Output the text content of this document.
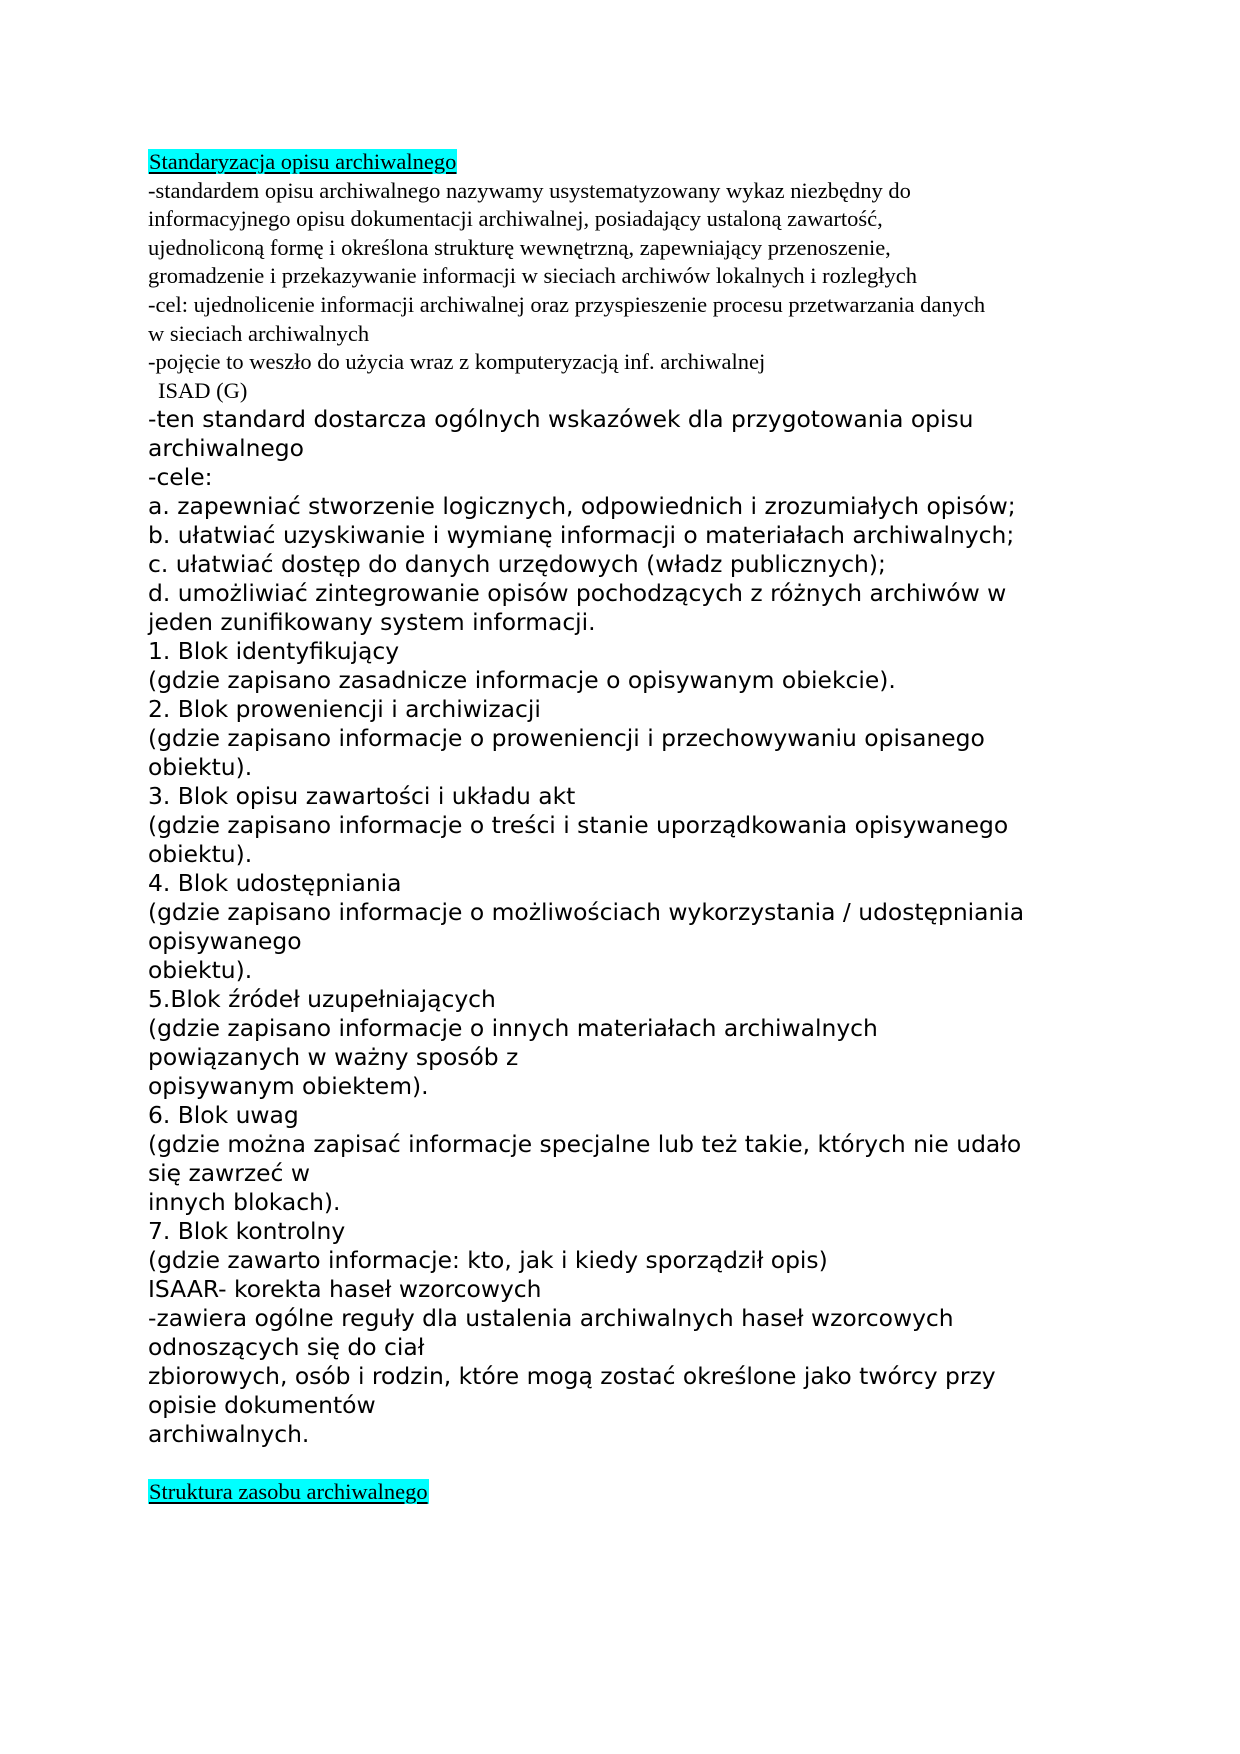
Standaryzacja opisu archiwalnego

-standardem opisu archiwalnego nazywamy usystematyzowany wykaz niezbędny do

informacyjnego opisu dokumentacji archiwalnej, posiadający ustaloną zawartość,

ujednoliconą formę i określona strukturę wewnętrzną, zapewniający przenoszenie,

gromadzenie i przekazywanie informacji w sieciach archiwów lokalnych i rozległych

-cel: ujednolicenie informacji archiwalnej oraz przyspieszenie procesu przetwarzania danych

w sieciach archiwalnych

-pojęcie to weszło do użycia wraz z komputeryzacją inf. archiwalnej

ISAD (G)

-ten standard dostarcza ogólnych wskazówek dla przygotowania opisu

archiwalnego

-cele:

a. zapewniać stworzenie logicznych, odpowiednich i zrozumiałych opisów;

b. ułatwiać uzyskiwanie i wymianę informacji o materiałach archiwalnych;

c. ułatwiać dostęp do danych urzędowych (władz publicznych);

d. umożliwiać zintegrowanie opisów pochodzących z różnych archiwów w

jeden zunifikowany system informacji.

1. Blok identyfikujący

(gdzie zapisano zasadnicze informacje o opisywanym obiekcie).

2. Blok proweniencji i archiwizacji

(gdzie zapisano informacje o proweniencji i przechowywaniu opisanego

obiektu).

3. Blok opisu zawartości i układu akt

(gdzie zapisano informacje o treści i stanie uporządkowania opisywanego

obiektu).

4. Blok udostępniania

(gdzie zapisano informacje o możliwościach wykorzystania / udostępniania

opisywanego

obiektu).

5.Blok źródeł uzupełniających

(gdzie zapisano informacje o innych materiałach archiwalnych

powiązanych w ważny sposób z

opisywanym obiektem).

6. Blok uwag

(gdzie można zapisać informacje specjalne lub też takie, których nie udało

się zawrzeć w

innych blokach).

7. Blok kontrolny

(gdzie zawarto informacje: kto, jak i kiedy sporządził opis)

ISAAR- korekta haseł wzorcowych

-zawiera ogólne reguły dla ustalenia archiwalnych haseł wzorcowych

odnoszących się do ciał

zbiorowych, osób i rodzin, które mogą zostać określone jako twórcy przy

opisie dokumentów

archiwalnych.

Struktura zasobu archiwalnego
